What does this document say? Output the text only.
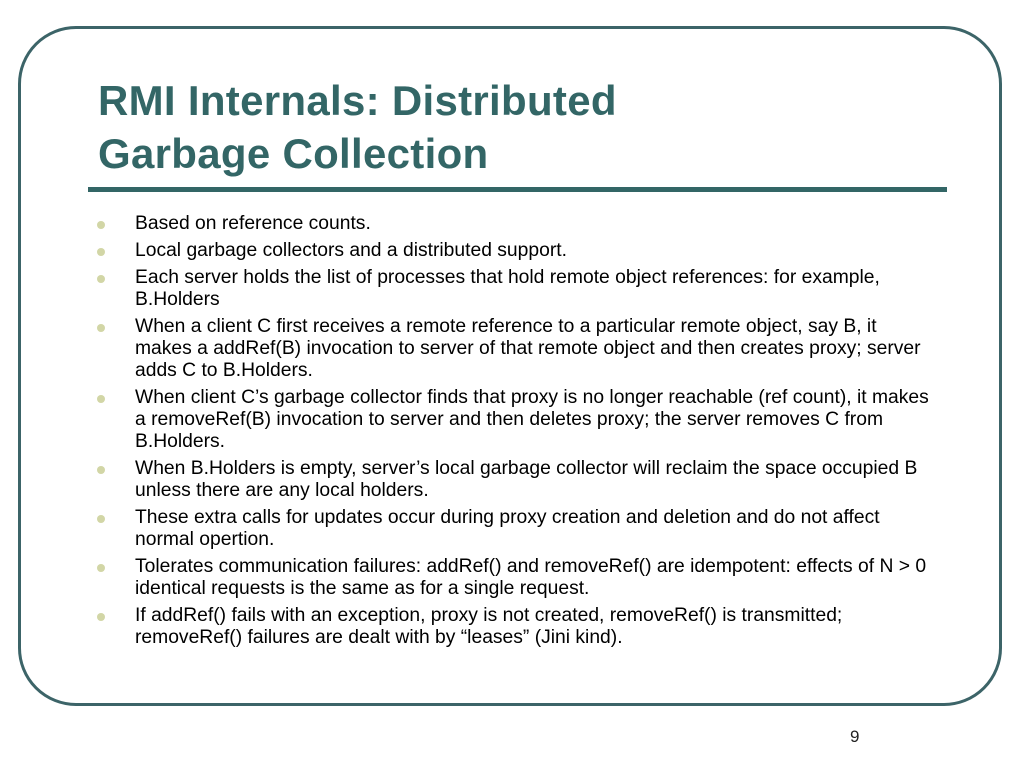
RMI Internals: Distributed
Garbage Collection
Based on reference counts.
Local garbage collectors and a distributed support.
Each server holds the list of processes that hold remote object references: for example, B.Holders
When a client C first receives a remote reference to a particular remote object, say B, it makes a addRef(B) invocation to server of that remote object and then creates proxy; server adds C to B.Holders.
When client C’s garbage collector finds that proxy is no longer reachable (ref count), it makes a removeRef(B) invocation to server and then deletes proxy; the server removes C from B.Holders.
When B.Holders is empty, server’s local garbage collector will reclaim the space occupied B unless there are any local holders.
These extra calls for updates occur during proxy creation and deletion and do not affect normal opertion.
Tolerates communication failures: addRef() and removeRef() are idempotent: effects of N > 0 identical requests is the same as for a single request.
If addRef() fails with an exception, proxy is not created, removeRef() is transmitted; removeRef() failures are dealt with by “leases” (Jini kind).
9
